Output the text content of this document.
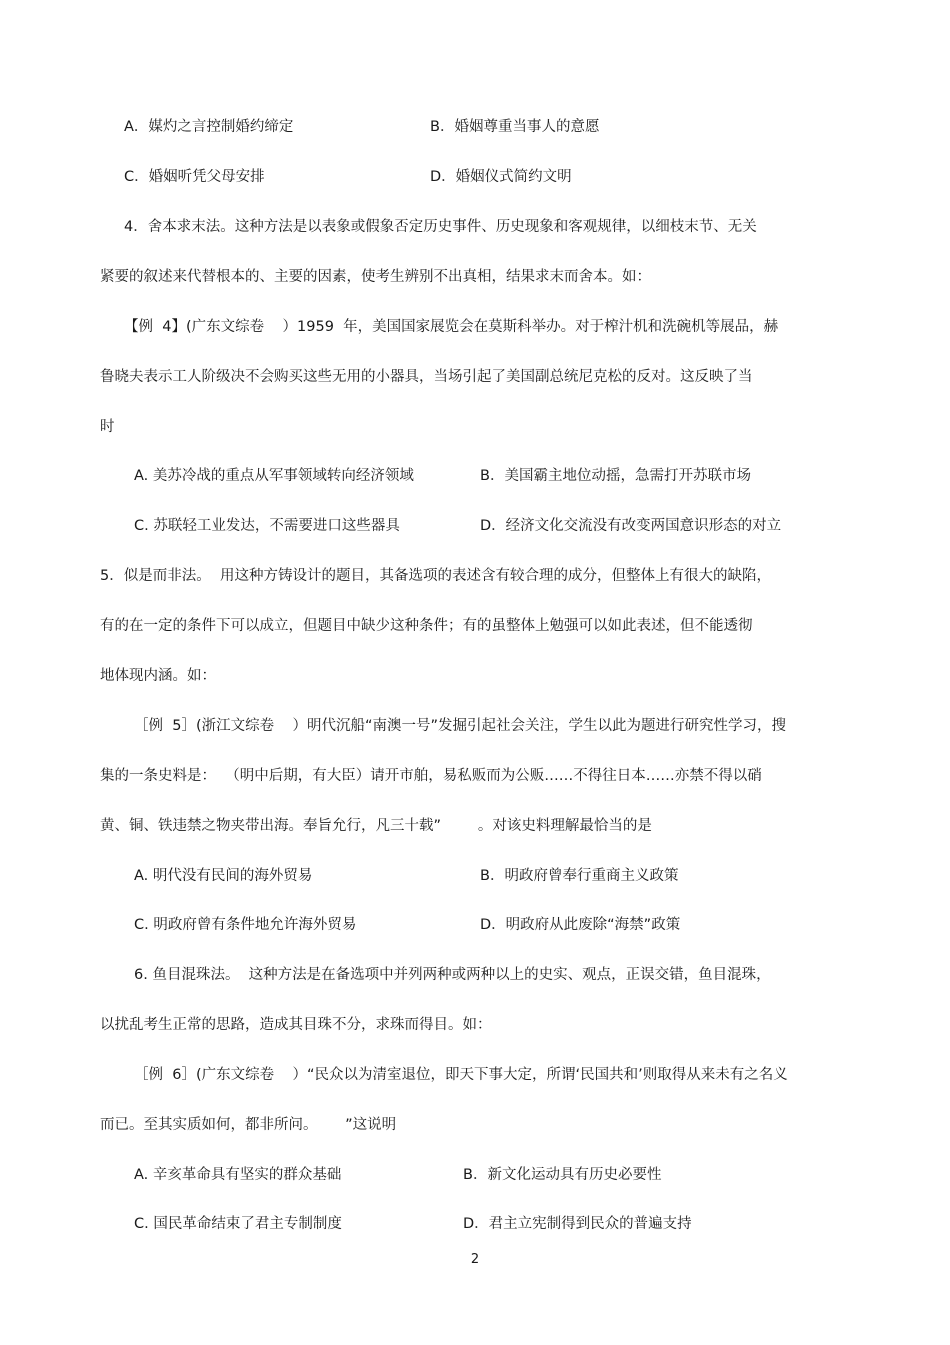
A．媒灼之言控制婚约缔定	B．婚姻尊重当事人的意愿
C．婚姻听凭父母安排	D．婚姻仪式简约文明
4．舍本求末法。这种方法是以表象或假象否定历史事件、历史现象和客观规律，以细枝末节、无关
紧要的叙述来代替根本的、主要的因素，使考生辨别不出真相，结果求末而舍本。如：
【例  4】(广东文综卷    ）1959  年，美国国家展览会在莫斯科举办。对于榨汁机和洗碗机等展品，赫
鲁晓夫表示工人阶级决不会购买这些无用的小器具，当场引起了美国副总统尼克松的反对。这反映了当
时
A. 美苏冷战的重点从军事领域转向经济领域	B．美国霸主地位动摇，急需打开苏联市场
C. 苏联轻工业发达，不需要进口这些器具	D．经济文化交流没有改变两国意识形态的对立
5．似是而非法。  用这种方铸设计的题目，其备选项的表述含有较合理的成分，但整体上有很大的缺陷，
有的在一定的条件下可以成立，但题目中缺少这种条件；有的虽整体上勉强可以如此表述，但不能透彻
地体现内涵。如：
［例  5］(浙江文综卷    ）明代沉船“南澳一号”发掘引起社会关注，学生以此为题进行研究性学习，搜
集的一条史料是：  （明中后期，有大臣）请开市舶，易私贩而为公贩……不得往日本……亦禁不得以硝
黄、铜、铁违禁之物夹带出海。奉旨允行，凡三十载”        。对该史料理解最恰当的是
A. 明代没有民间的海外贸易	B．明政府曾奉行重商主义政策
C. 明政府曾有条件地允许海外贸易	D．明政府从此废除“海禁”政策
6. 鱼目混珠法。  这种方法是在备选项中并列两种或两种以上的史实、观点，正误交错，鱼目混珠，
以扰乱考生正常的思路，造成其目珠不分，求珠而得目。如：
［例  6］(广东文综卷    ）“民众以为清室退位，即天下事大定，所谓‘民国共和’则取得从来未有之名义
而已。至其实质如何，都非所问。      ”这说明
A. 辛亥革命具有坚实的群众基础	B．新文化运动具有历史必要性
C. 国民革命结束了君主专制制度	D．君主立宪制得到民众的普遍支持
2
